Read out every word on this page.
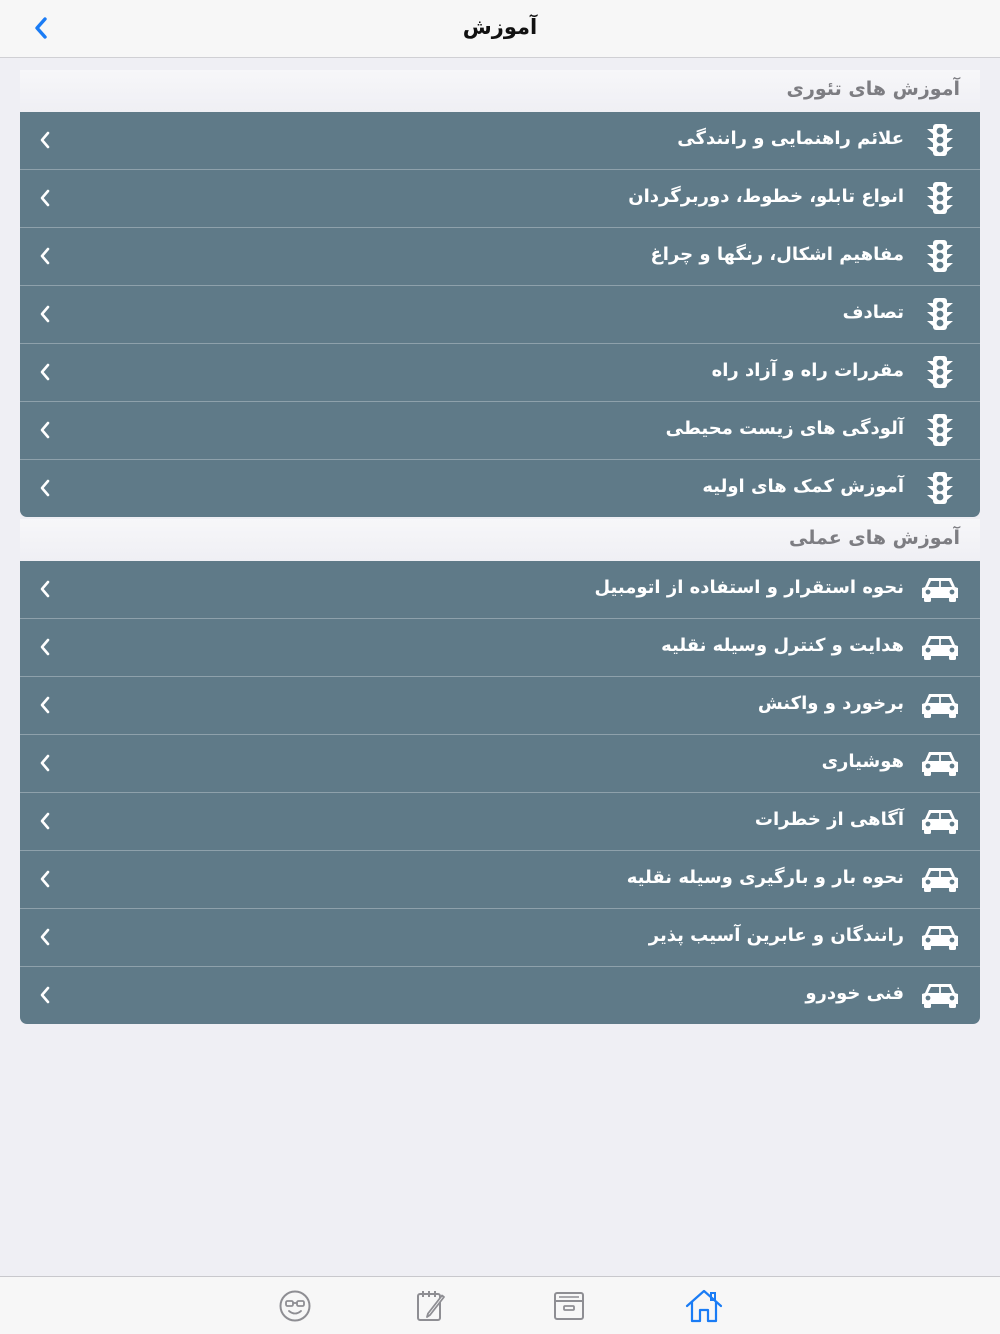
آموزش
آموزش های تئوری
علائم راهنمایی و رانندگی
انواع تابلو، خطوط، دوربرگردان
مفاهیم اشکال، رنگها و چراغ
تصادف
مقررات راه و آزاد راه
آلودگی های زیست محیطی
آموزش کمک های اولیه
آموزش های عملی
نحوه استقرار و استفاده از اتومبیل
هدایت و کنترل وسیله نقلیه
برخورد و واکنش
هوشیاری
آگاهی از خطرات
نحوه بار و بارگیری وسیله نقلیه
رانندگان و عابرین آسیب پذیر
فنی خودرو
